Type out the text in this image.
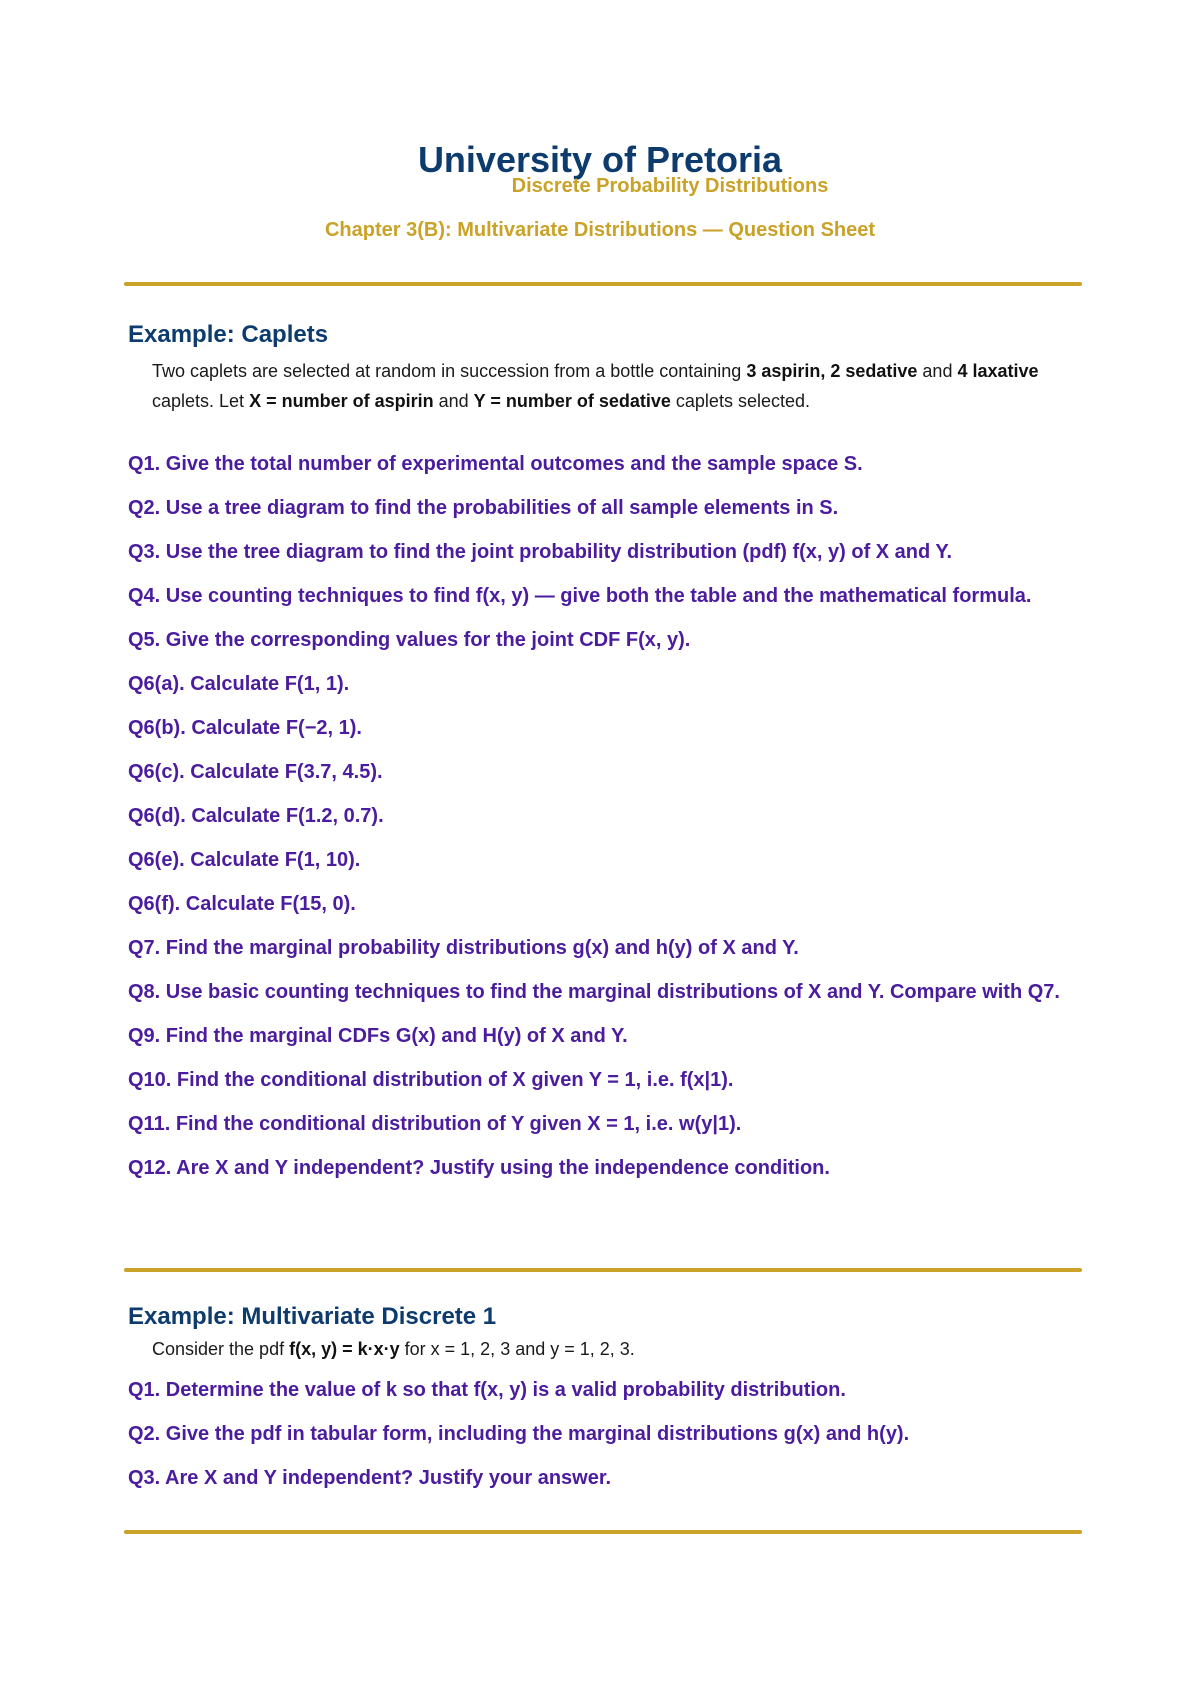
University of Pretoria
Discrete Probability Distributions
Chapter 3(B): Multivariate Distributions — Question Sheet
Example: Caplets

Two caplets are selected at random in succession from a bottle containing 3 aspirin, 2 sedative and 4 laxative caplets. Let X = number of aspirin and Y = number of sedative caplets selected.

Q1. Give the total number of experimental outcomes and the sample space S.
Q2. Use a tree diagram to find the probabilities of all sample elements in S.
Q3. Use the tree diagram to find the joint probability distribution (pdf) f(x, y) of X and Y.
Q4. Use counting techniques to find f(x, y) — give both the table and the mathematical formula.
Q5. Give the corresponding values for the joint CDF F(x, y).
Q6(a). Calculate F(1, 1).
Q6(b). Calculate F(−2, 1).
Q6(c). Calculate F(3.7, 4.5).
Q6(d). Calculate F(1.2, 0.7).
Q6(e). Calculate F(1, 10).
Q6(f). Calculate F(15, 0).
Q7. Find the marginal probability distributions g(x) and h(y) of X and Y.
Q8. Use basic counting techniques to find the marginal distributions of X and Y. Compare with Q7.
Q9. Find the marginal CDFs G(x) and H(y) of X and Y.
Q10. Find the conditional distribution of X given Y = 1, i.e. f(x|1).
Q11. Find the conditional distribution of Y given X = 1, i.e. w(y|1).
Q12. Are X and Y independent? Justify using the independence condition.
Example: Multivariate Discrete 1

Consider the pdf f(x, y) = k·x·y for x = 1, 2, 3 and y = 1, 2, 3.

Q1. Determine the value of k so that f(x, y) is a valid probability distribution.
Q2. Give the pdf in tabular form, including the marginal distributions g(x) and h(y).
Q3. Are X and Y independent? Justify your answer.
